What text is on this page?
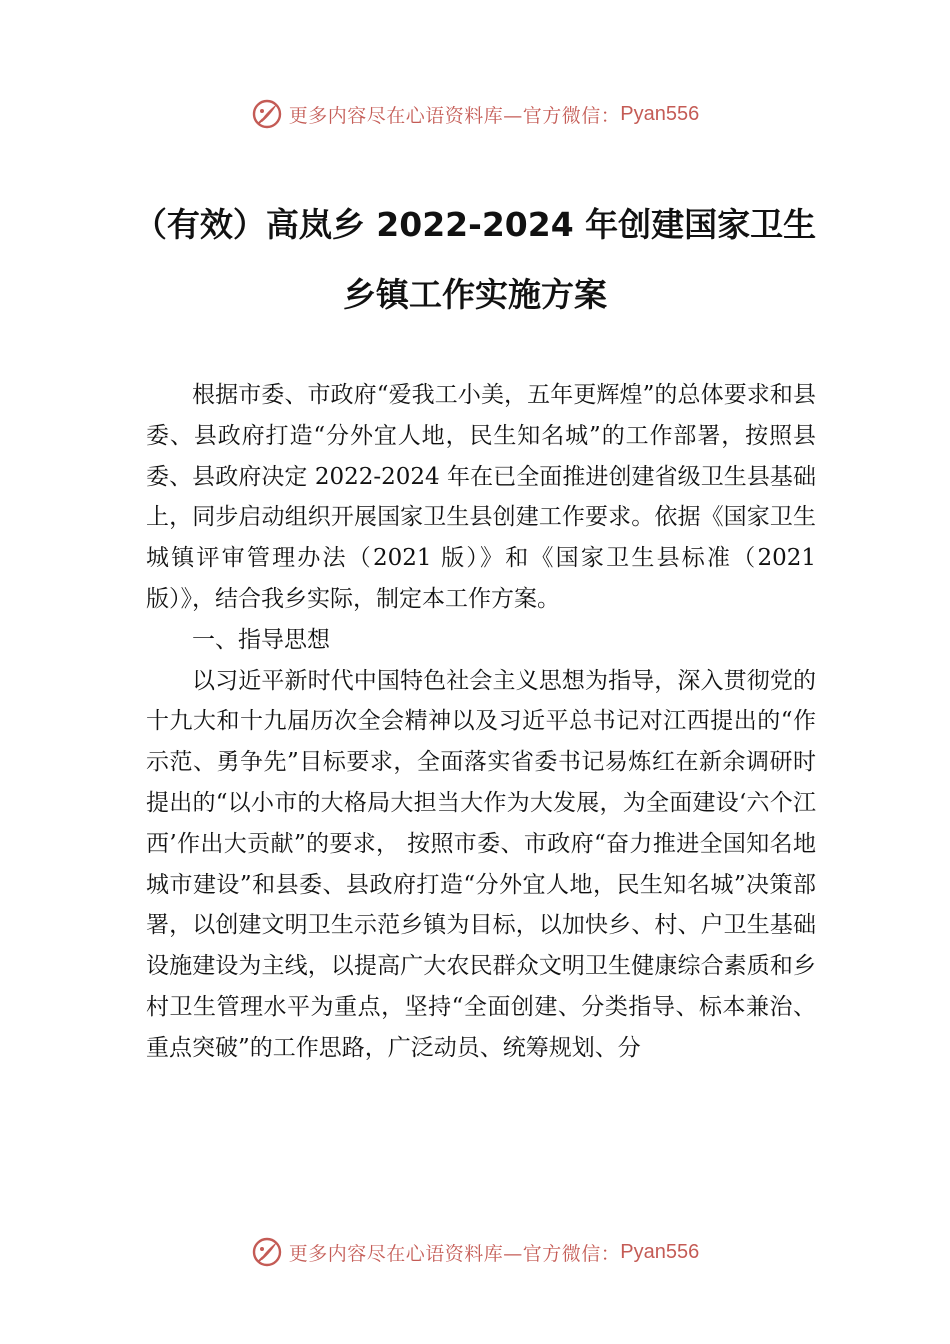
更多内容尽在心语资料库—官方微信： Pyan556
（有效）高岚乡 2022-2024 年创建国家卫生乡镇工作实施方案

根据市委、市政府“爱我工小美，五年更辉煌”的总体要求和县委、县政府打造“分外宜人地，民生知名城”的工作部署，按照县委、县政府决定 2022-2024 年在已全面推进创建省级卫生县基础上，同步启动组织开展国家卫生县创建工作要求。依据《国家卫生城镇评审管理办法（2021 版）》和《国家卫生县标准（2021 版）》，结合我乡实际，制定本工作方案。

一、指导思想

以习近平新时代中国特色社会主义思想为指导，深入贯彻党的十九大和十九届历次全会精神以及习近平总书记对江西提出的“作示范、勇争先”目标要求，全面落实省委书记易炼红在新余调研时提出的“以小市的大格局大担当大作为大发展，为全面建设‘六个江西’作出大贡献”的要求， 按照市委、市政府“奋力推进全国知名地城市建设”和县委、县政府打造“分外宜人地，民生知名城”决策部署，以创建文明卫生示范乡镇为目标，以加快乡、村、户卫生基础设施建设为主线，以提高广大农民群众文明卫生健康综合素质和乡村卫生管理水平为重点，坚持“全面创建、分类指导、标本兼治、重点突破”的工作思路，广泛动员、统筹规划、分

更多内容尽在心语资料库—官方微信： Pyan556
